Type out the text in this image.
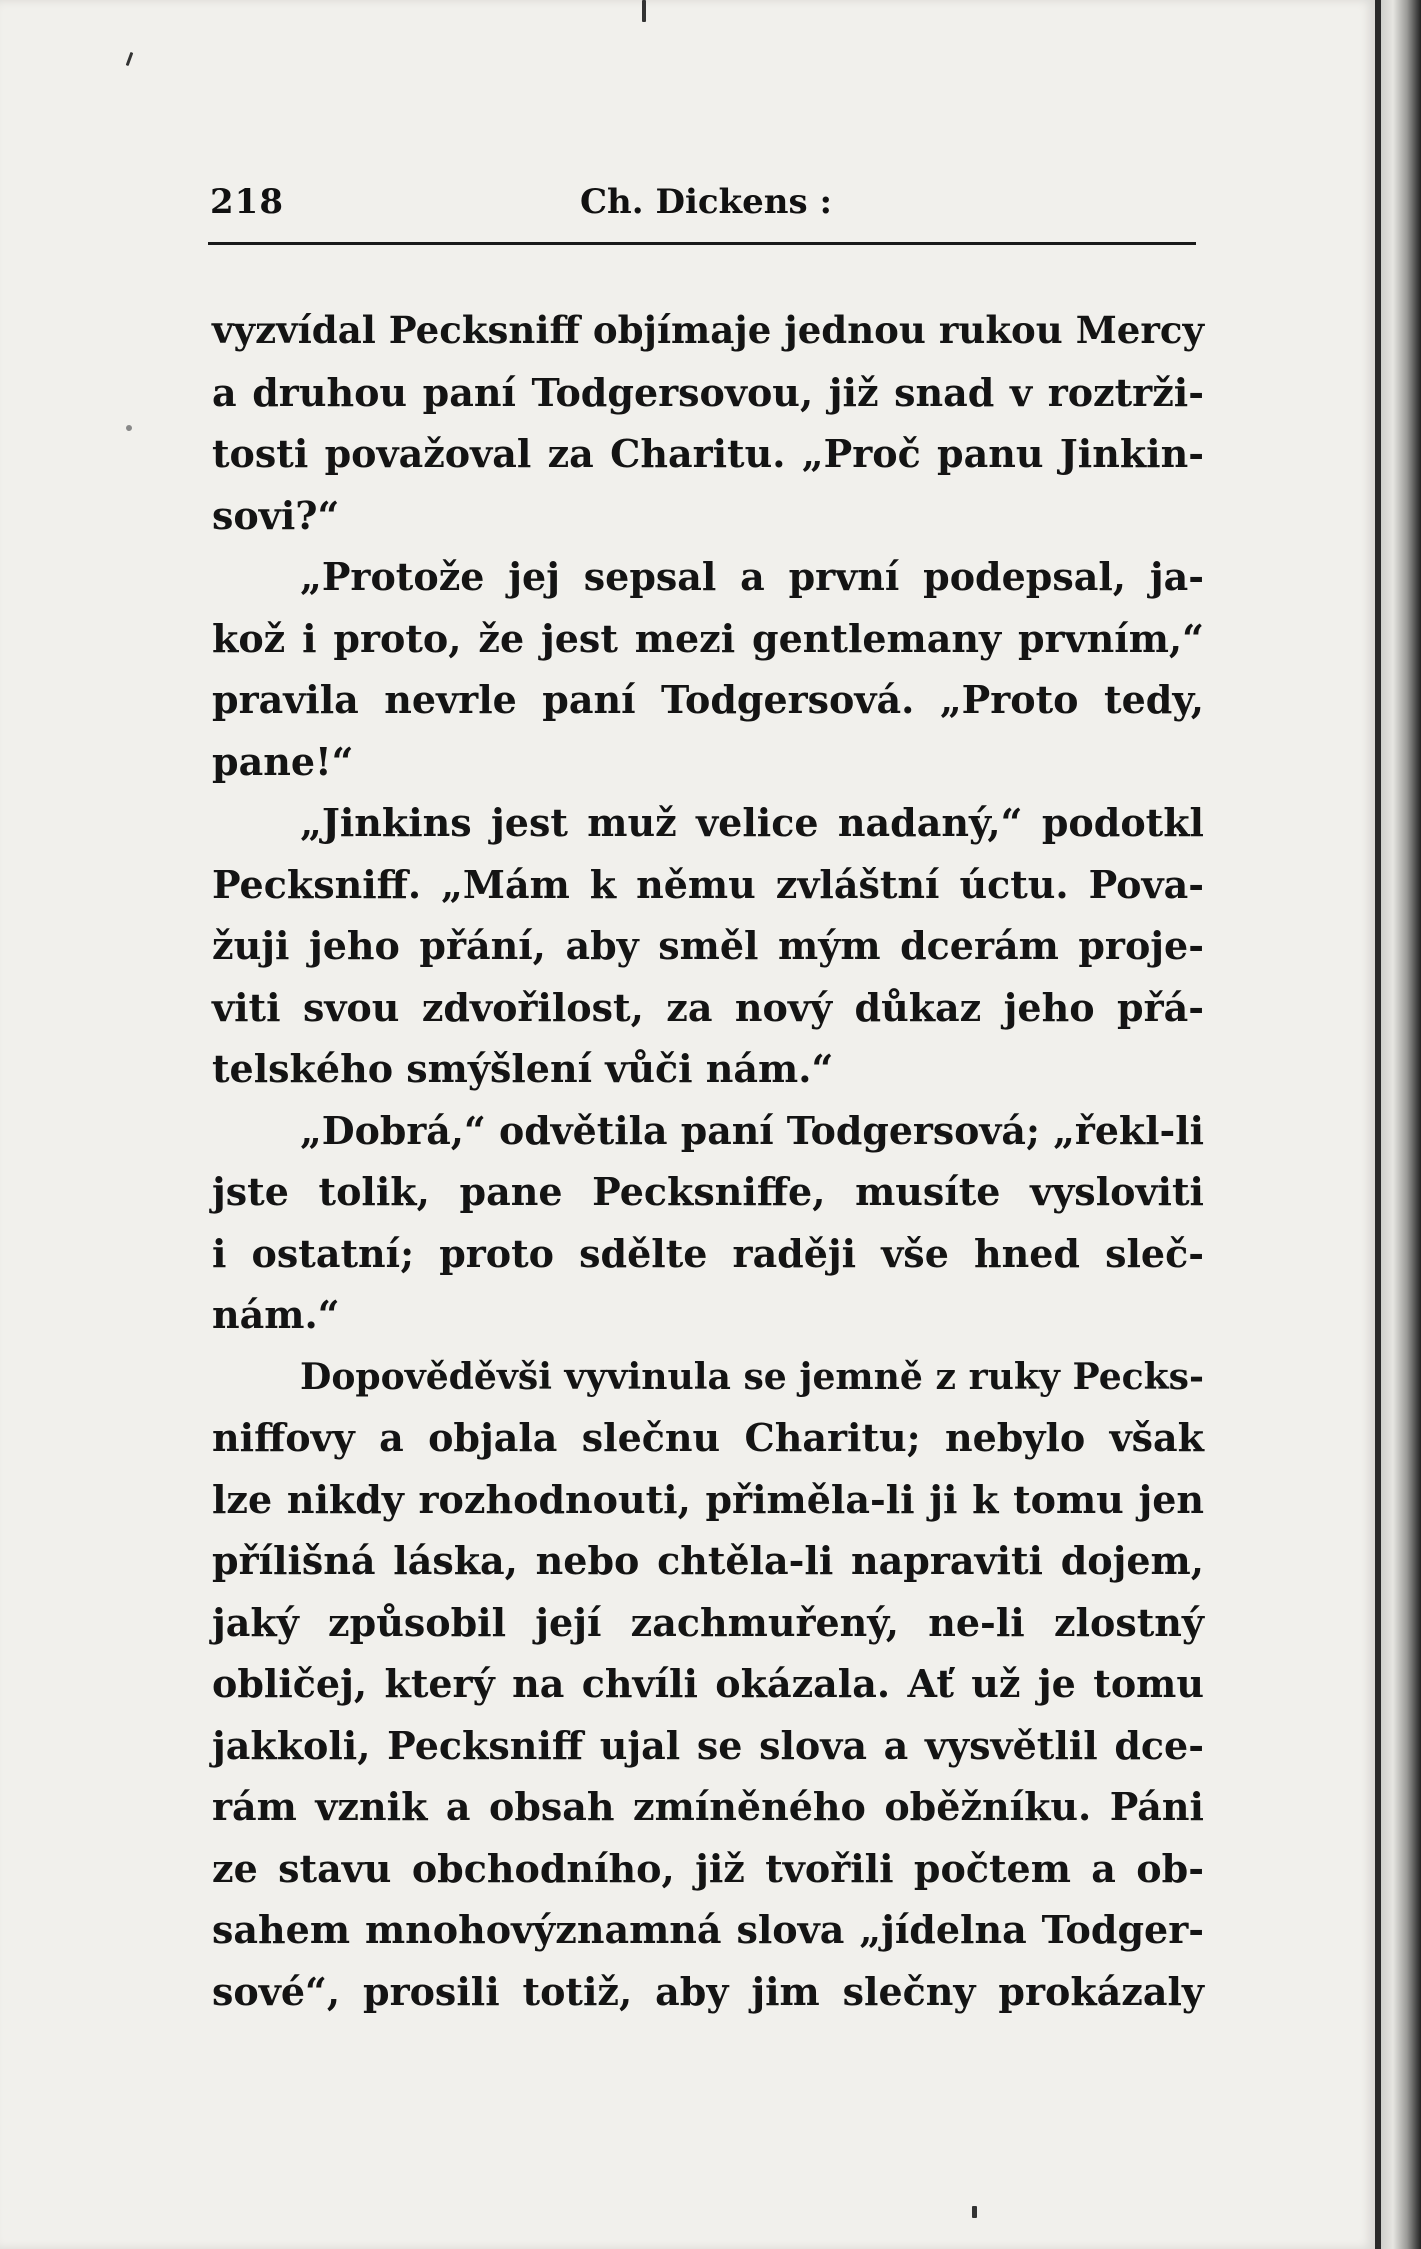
218	Ch. Dickens :
vyzvídal Pecksniff objímaje jednou rukou Mercy
a druhou paní Todgersovou, již snad v roztrži-
tosti považoval za Charitu. „Proč panu Jinkin-
sovi?“
„Protože jej sepsal a první podepsal, ja-
kož i proto, že jest mezi gentlemany prvním,“
pravila nevrle paní Todgersová. „Proto tedy,
pane!“
„Jinkins jest muž velice nadaný,“ podotkl
Pecksniff. „Mám k němu zvláštní úctu. Pova-
žuji jeho přání, aby směl mým dcerám proje-
viti svou zdvořilost, za nový důkaz jeho přá-
telského smýšlení vůči nám.“
„Dobrá,“ odvětila paní Todgersová; „řekl-li
jste tolik, pane Pecksniffe, musíte vysloviti
i ostatní; proto sdělte raději vše hned sleč-
nám.“
Dopověděvši vyvinula se jemně z ruky Pecks-
niffovy a objala slečnu Charitu; nebylo však
lze nikdy rozhodnouti, přiměla-li ji k tomu jen
přílišná láska, nebo chtěla-li napraviti dojem,
jaký způsobil její zachmuřený, ne-li zlostný
obličej, který na chvíli okázala. Ať už je tomu
jakkoli, Pecksniff ujal se slova a vysvětlil dce-
rám vznik a obsah zmíněného oběžníku. Páni
ze stavu obchodního, již tvořili počtem a ob-
sahem mnohovýznamná slova „jídelna Todger-
sové“, prosili totiž, aby jim slečny prokázaly
